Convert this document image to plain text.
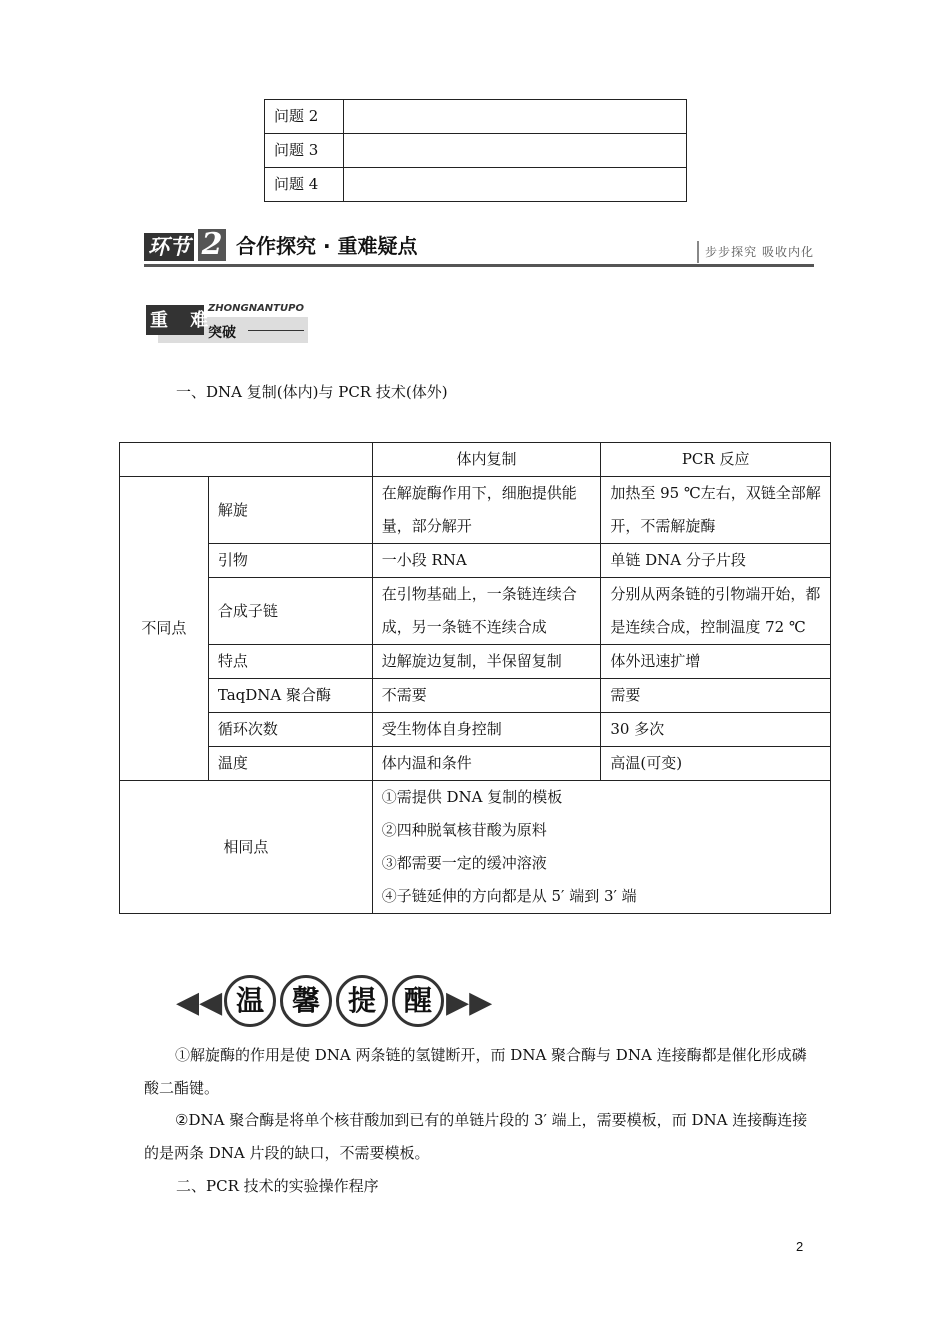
问题 2	
问题 3	
问题 4	
环节 2 合作探究 · 重难疑点	步步探究 吸收内化
重 难
ZHONGNANTUPO
突破
一、DNA 复制(体内)与 PCR 技术(体外)
		体内复制	PCR 反应
不同点	解旋	在解旋酶作用下，细胞提供能量，部分解开	加热至 95 ℃左右，双链全部解开，不需解旋酶
	引物	一小段 RNA	单链 DNA 分子片段
	合成子链	在引物基础上，一条链连续合成，另一条链不连续合成	分别从两条链的引物端开始，都是连续合成，控制温度 72 ℃
	特点	边解旋边复制，半保留复制	体外迅速扩增
	TaqDNA 聚合酶	不需要	需要
	循环次数	受生物体自身控制	30 多次
	温度	体内温和条件	高温(可变)
相同点		①需提供 DNA 复制的模板
②四种脱氧核苷酸为原料
③都需要一定的缓冲溶液
④子链延伸的方向都是从 5′ 端到 3′ 端	
◀◀ 温 馨 提 醒 ▶▶
①解旋酶的作用是使 DNA 两条链的氢键断开，而 DNA 聚合酶与 DNA 连接酶都是催化形成磷酸二酯键。
②DNA 聚合酶是将单个核苷酸加到已有的单链片段的 3′ 端上，需要模板，而 DNA 连接酶连接的是两条 DNA 片段的缺口，不需要模板。
二、PCR 技术的实验操作程序
2
